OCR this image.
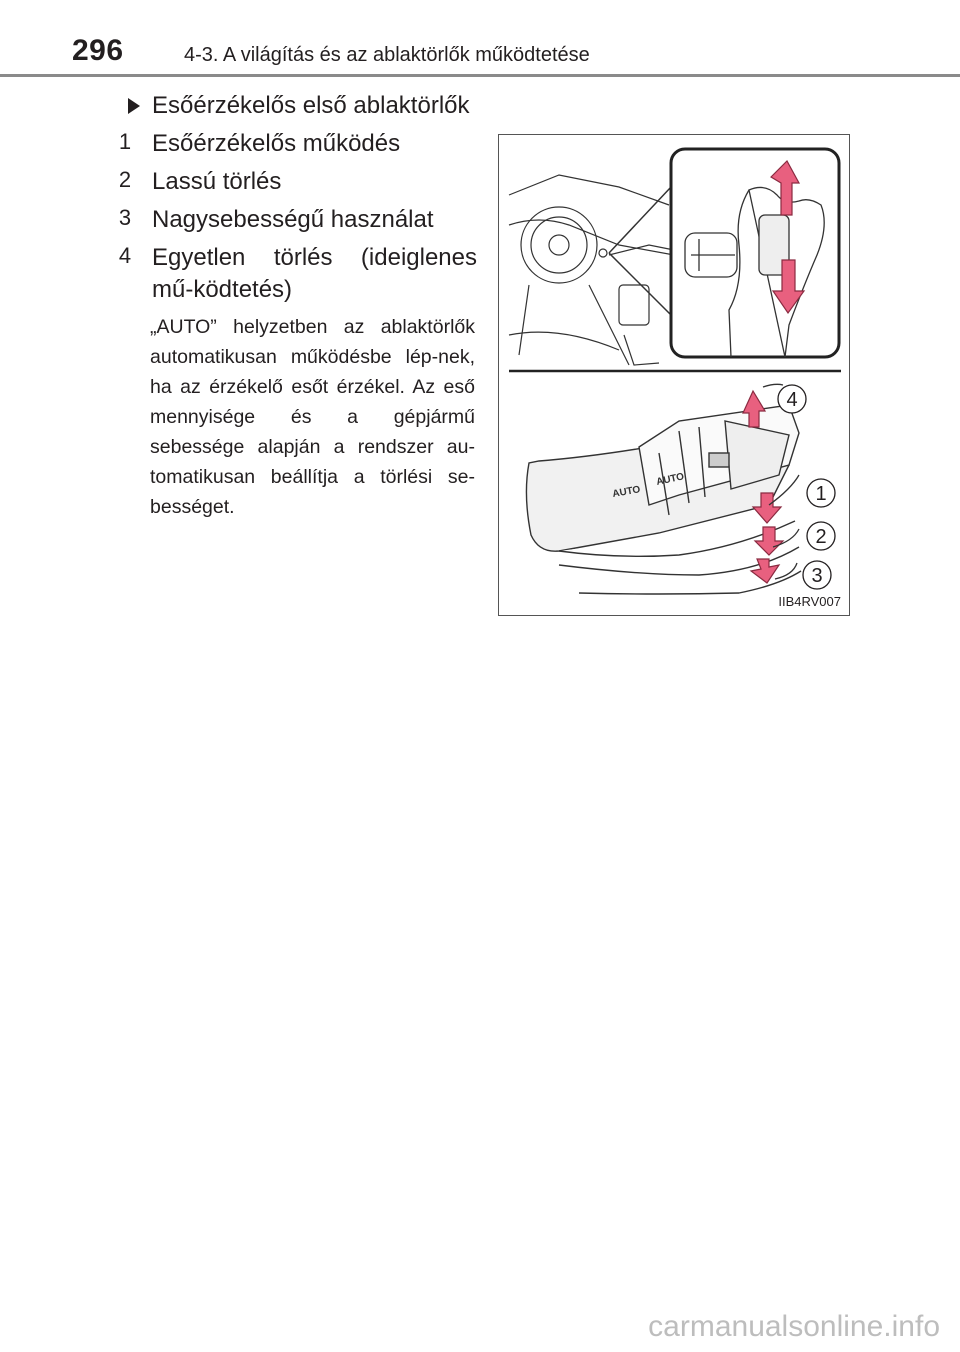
296	4-3. A világítás és az ablaktörlők működtetése
Esőérzékelős első ablaktörlők
1 Esőérzékelős működés
2 Lassú törlés
3 Nagysebességű használat
4 Egyetlen törlés (ideiglenes mű-ködtetés)
„AUTO” helyzetben az ablaktörlők automatikusan működésbe lép-nek, ha az érzékelő esőt érzékel. Az eső mennyisége és a gépjármű sebessége alapján a rendszer au-tomatikusan beállítja a törlési se-bességet.
AUTO
AUTO
4
1
2
3
IIB4RV007
carmanualsonline.info
